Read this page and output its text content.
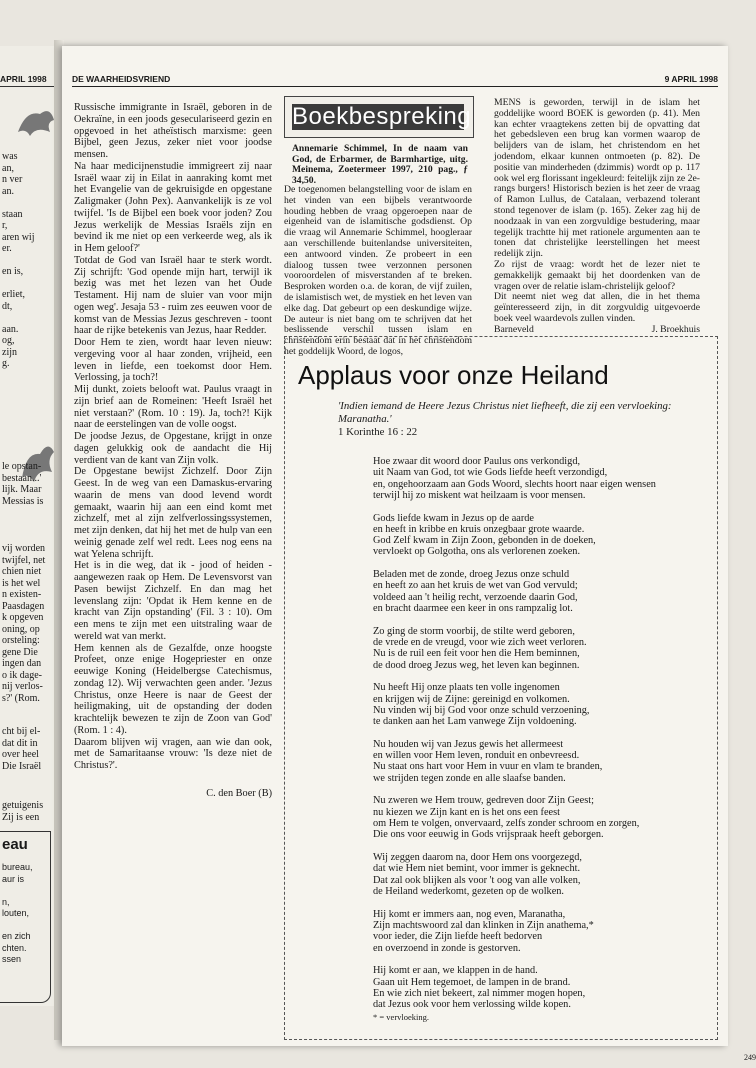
APRIL 1998
was
an,
n ver
an.
staan
r,
aren wij
er.
en is,
erliet,
dt,
aan.
og,
zijn
g.
le opstan-
bestaan...'
lijk. Maar
Messias is
vij worden
twijfel, net
chien niet
is het wel
n existen-
Paasdagen
k opgeven
oning, op
orsteling:
gene Die
ingen dan
o ik dage-
nij verlos-
s?' (Rom.
cht bij el-
dat dit in
over heel
Die Israël
getuigenis
Zij is een
eau
bureau,
aur is
n,
louten,
en zich
chten.
ssen
DE WAARHEIDSVRIEND	9 APRIL 1998

Russische immigrante in Israël, geboren in de Oekraïne, in een joods geseculariseerd gezin en opgevoed in het atheïstisch marxisme: geen Bijbel, geen Jezus, zeker niet voor joodse mensen.

Na haar medicijnenstudie immigreert zij naar Israël waar zij in Eilat in aanraking komt met het Evangelie van de gekruisigde en opgestane Zaligmaker (John Pex). Aanvankelijk is ze vol twijfel. 'Is de Bijbel een boek voor joden? Zou Jezus werkelijk de Messias Israëls zijn en bevind ik me niet op een verkeerde weg, als ik in Hem geloof?'

Totdat de God van Israël haar te sterk wordt. Zij schrijft: 'God opende mijn hart, terwijl ik bezig was met het lezen van het Oude Testament. Hij nam de sluier van voor mijn ogen weg'. Jesaja 53 - ruim zes eeuwen voor de komst van de Messias Jezus geschreven - toont haar de rijke betekenis van Jezus, haar Redder.

Door Hem te zien, wordt haar leven nieuw: vergeving voor al haar zonden, vrijheid, een leven in liefde, een toekomst door Hem. Verlossing, ja toch?!

Mij dunkt, zoiets belooft wat. Paulus vraagt in zijn brief aan de Romeinen: 'Heeft Israël het niet verstaan?' (Rom. 10 : 19). Ja, toch?! Kijk naar de eerstelingen van de volle oogst.

De joodse Jezus, de Opgestane, krijgt in onze dagen gelukkig ook de aandacht die Hij verdient van de kant van Zijn volk.

De Opgestane bewijst Zichzelf. Door Zijn Geest. In de weg van een Damaskus-ervaring waarin de mens van dood levend wordt gemaakt, waarin hij aan een eind komt met zichzelf, met al zijn zelfverlossingssystemen, met zijn denken, dat hij het met de hulp van een weinig genade zelf wel redt. Lees nog eens na wat Yelena schrijft.

Het is in die weg, dat ik - jood of heiden - aangewezen raak op Hem. De Levensvorst van Pasen bewijst Zichzelf. En dan mag het levenslang zijn: 'Opdat ik Hem kenne en de kracht van Zijn opstanding' (Fil. 3 : 10). Om een mens te zijn met een uitstraling waar de wereld wat van merkt.

Hem kennen als de Gezalfde, onze hoogste Profeet, onze enige Hogepriester en onze eeuwige Koning (Heidelbergse Catechismus, zondag 12). Wij verwachten geen ander. 'Jezus Christus, onze Heere is naar de Geest der heiligmaking, uit de opstanding der doden krachtelijk bewezen te zijn de Zoon van God' (Rom. 1 : 4).

Daarom blijven wij vragen, aan wie dan ook, met de Samaritaanse vrouw: 'Is deze niet de Christus?'.

C. den Boer (B)

Boekbespreking
Annemarie Schimmel, In de naam van God, de Erbarmer, de Barmhartige, uitg. Meinema, Zoetermeer 1997, 210 pag., ƒ 34,50.
De toegenomen belangstelling voor de islam en het vinden van een bijbels verantwoorde houding hebben de vraag opgeroepen naar de eigenheid van de islamitische godsdienst. Op die vraag wil Annemarie Schimmel, hoogleraar aan verschillende buitenlandse universiteiten, een antwoord vinden. Ze probeert in een dialoog tussen twee verzonnen personen vooroordelen of misverstanden af te breken. Besproken worden o.a. de koran, de vijf zuilen, de islamistisch wet, de mystiek en het leven van elke dag. Dat gebeurt op een deskundige wijze. De auteur is niet bang om te schrijven dat het beslissende verschil tussen islam en christendom erin bestaat dat in het christendom het goddelijk Woord, de logos,

MENS is geworden, terwijl in de islam het goddelijke woord BOEK is geworden (p. 41). Men kan echter vraagtekens zetten bij de opvatting dat het gebedsleven een brug kan vormen waarop de belijders van de islam, het christendom en het jodendom, elkaar kunnen ontmoeten (p. 82). De positie van minderheden (dzimmis) wordt op p. 117 ook wel erg florissant ingekleurd: feitelijk zijn ze 2e-rangs burgers! Historisch bezien is het zeer de vraag of Ramon Lullus, de Catalaan, verbazend tolerant stond tegenover de islam (p. 165). Zeker zag hij de noodzaak in van een zorgvuldige bestudering, maar tegelijk trachtte hij met rationele argumenten aan te tonen dat christelijke leerstellingen het meest redelijk zijn.

Zo rijst de vraag: wordt het de lezer niet te gemakkelijk gemaakt bij het doordenken van de vragen over de relatie islam-christelijk geloof?

Dit neemt niet weg dat allen, die in het thema geïnteresseerd zijn, in dit zorgvuldig uitgevoerde boek veel waardevols zullen vinden.

Barneveld	J. Broekhuis
Applaus voor onze Heiland
'Indien iemand de Heere Jezus Christus niet liefheeft, die zij een vervloeking: Maranatha.'
1 Korinthe 16 : 22
Hoe zwaar dit woord door Paulus ons verkondigd,
uit Naam van God, tot wie Gods liefde heeft verzondigd,
en, ongehoorzaam aan Gods Woord, slechts hoort naar eigen wensen
terwijl hij zo miskent wat heilzaam is voor mensen.
Gods liefde kwam in Jezus op de aarde
en heeft in kribbe en kruis onzegbaar grote waarde.
God Zelf kwam in Zijn Zoon, gebonden in de doeken,
vervloekt op Golgotha, ons als verlorenen zoeken.
Beladen met de zonde, droeg Jezus onze schuld
en heeft zo aan het kruis de wet van God vervuld;
voldeed aan 't heilig recht, verzoende daarin God,
en bracht daarmee een keer in ons rampzalig lot.
Zo ging de storm voorbij, de stilte werd geboren,
de vrede en de vreugd, voor wie zich weet verloren.
Nu is de ruil een feit voor hen die Hem beminnen,
de dood droeg Jezus weg, het leven kan beginnen.
Nu heeft Hij onze plaats ten volle ingenomen
en krijgen wij de Zijne: gereinigd en volkomen.
Nu vinden wij bij God voor onze schuld verzoening,
te danken aan het Lam vanwege Zijn voldoening.
Nu houden wij van Jezus gewis het allermeest
en willen voor Hem leven, ronduit en onbevreesd.
Nu staat ons hart voor Hem in vuur en vlam te branden,
we strijden tegen zonde en alle slaafse banden.
Nu zweren we Hem trouw, gedreven door Zijn Geest;
nu kiezen we Zijn kant en is het ons een feest
om Hem te volgen, onvervaard, zelfs zonder schroom en zorgen,
Die ons voor eeuwig in Gods vrijspraak heeft geborgen.
Wij zeggen daarom na, door Hem ons voorgezegd,
dat wie Hem niet bemint, voor immer is geknecht.
Dat zal ook blijken als voor 't oog van alle volken,
de Heiland wederkomt, gezeten op de wolken.
Hij komt er immers aan, nog even, Maranatha,
Zijn machtswoord zal dan klinken in Zijn anathema,*
voor ieder, die Zijn liefde heeft bedorven
en overzoend in zonde is gestorven.
Hij komt er aan, we klappen in de hand.
Gaan uit Hem tegemoet, de lampen in de brand.
En wie zich niet bekeert, zal nimmer mogen hopen,
dat Jezus ook voor hem verlossing wilde kopen.
* = vervloeking.
249
